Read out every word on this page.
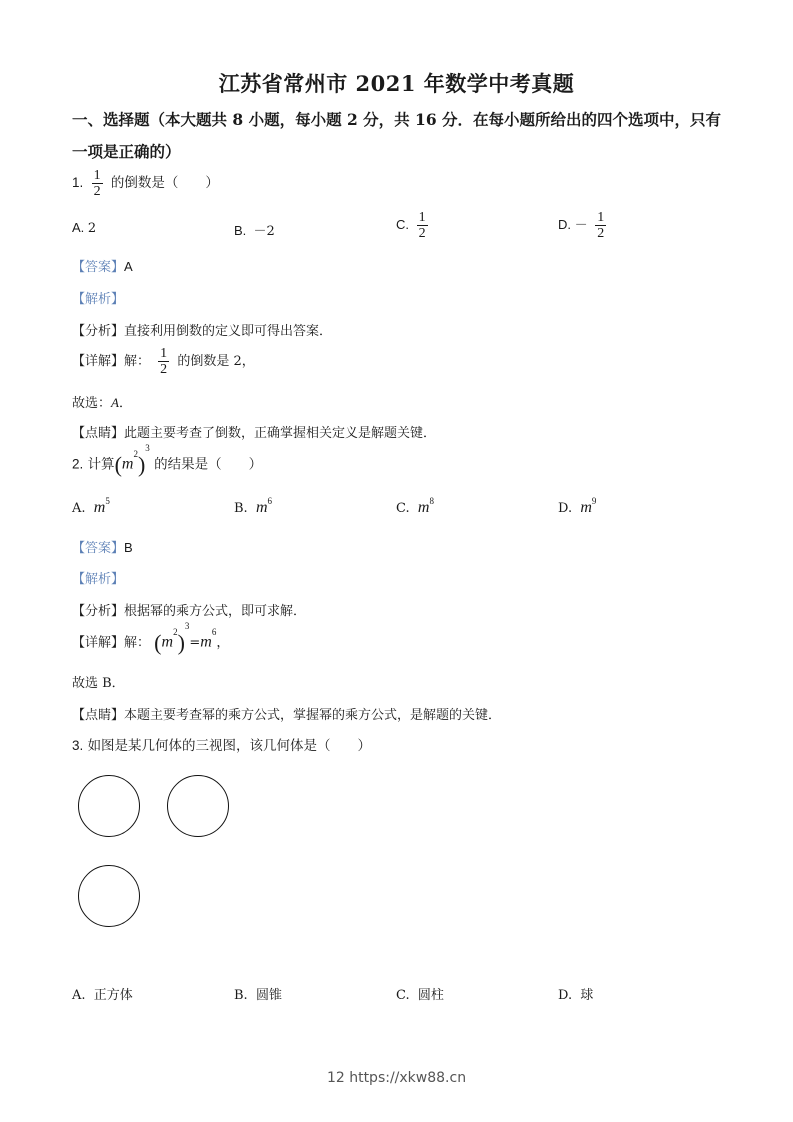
江苏省常州市 2021 年数学中考真题
一、选择题（本大题共 8 小题，每小题 2 分，共 16 分．在每小题所给出的四个选项中，只有
一项是正确的）
1. $\frac{1}{2}$ 的倒数是（　　）
A. 2	B. －2	C. $\frac{1}{2}$	D. － $\frac{1}{2}$
【答案】A
【解析】
【分析】直接利用倒数的定义即可得出答案．
【详解】解： $\frac{1}{2}$ 的倒数是 2，
故选：A．
【点睛】此题主要考查了倒数，正确掌握相关定义是解题关键．
2. 计算$(m^2)^3$ 的结果是（　　）
A. $m^5$	B. $m^6$	C. $m^8$	D. $m^9$
【答案】B
【解析】
【分析】根据幂的乘方公式，即可求解．
【详解】解： $(m^2)^3=m^6$，
故选 B．
【点睛】本题主要考查幂的乘方公式，掌握幂的乘方公式，是解题的关键．
3. 如图是某几何体的三视图，该几何体是（　　）
A. 正方体	B. 圆锥	C. 圆柱	D. 球
12 https://xkw88.cn
